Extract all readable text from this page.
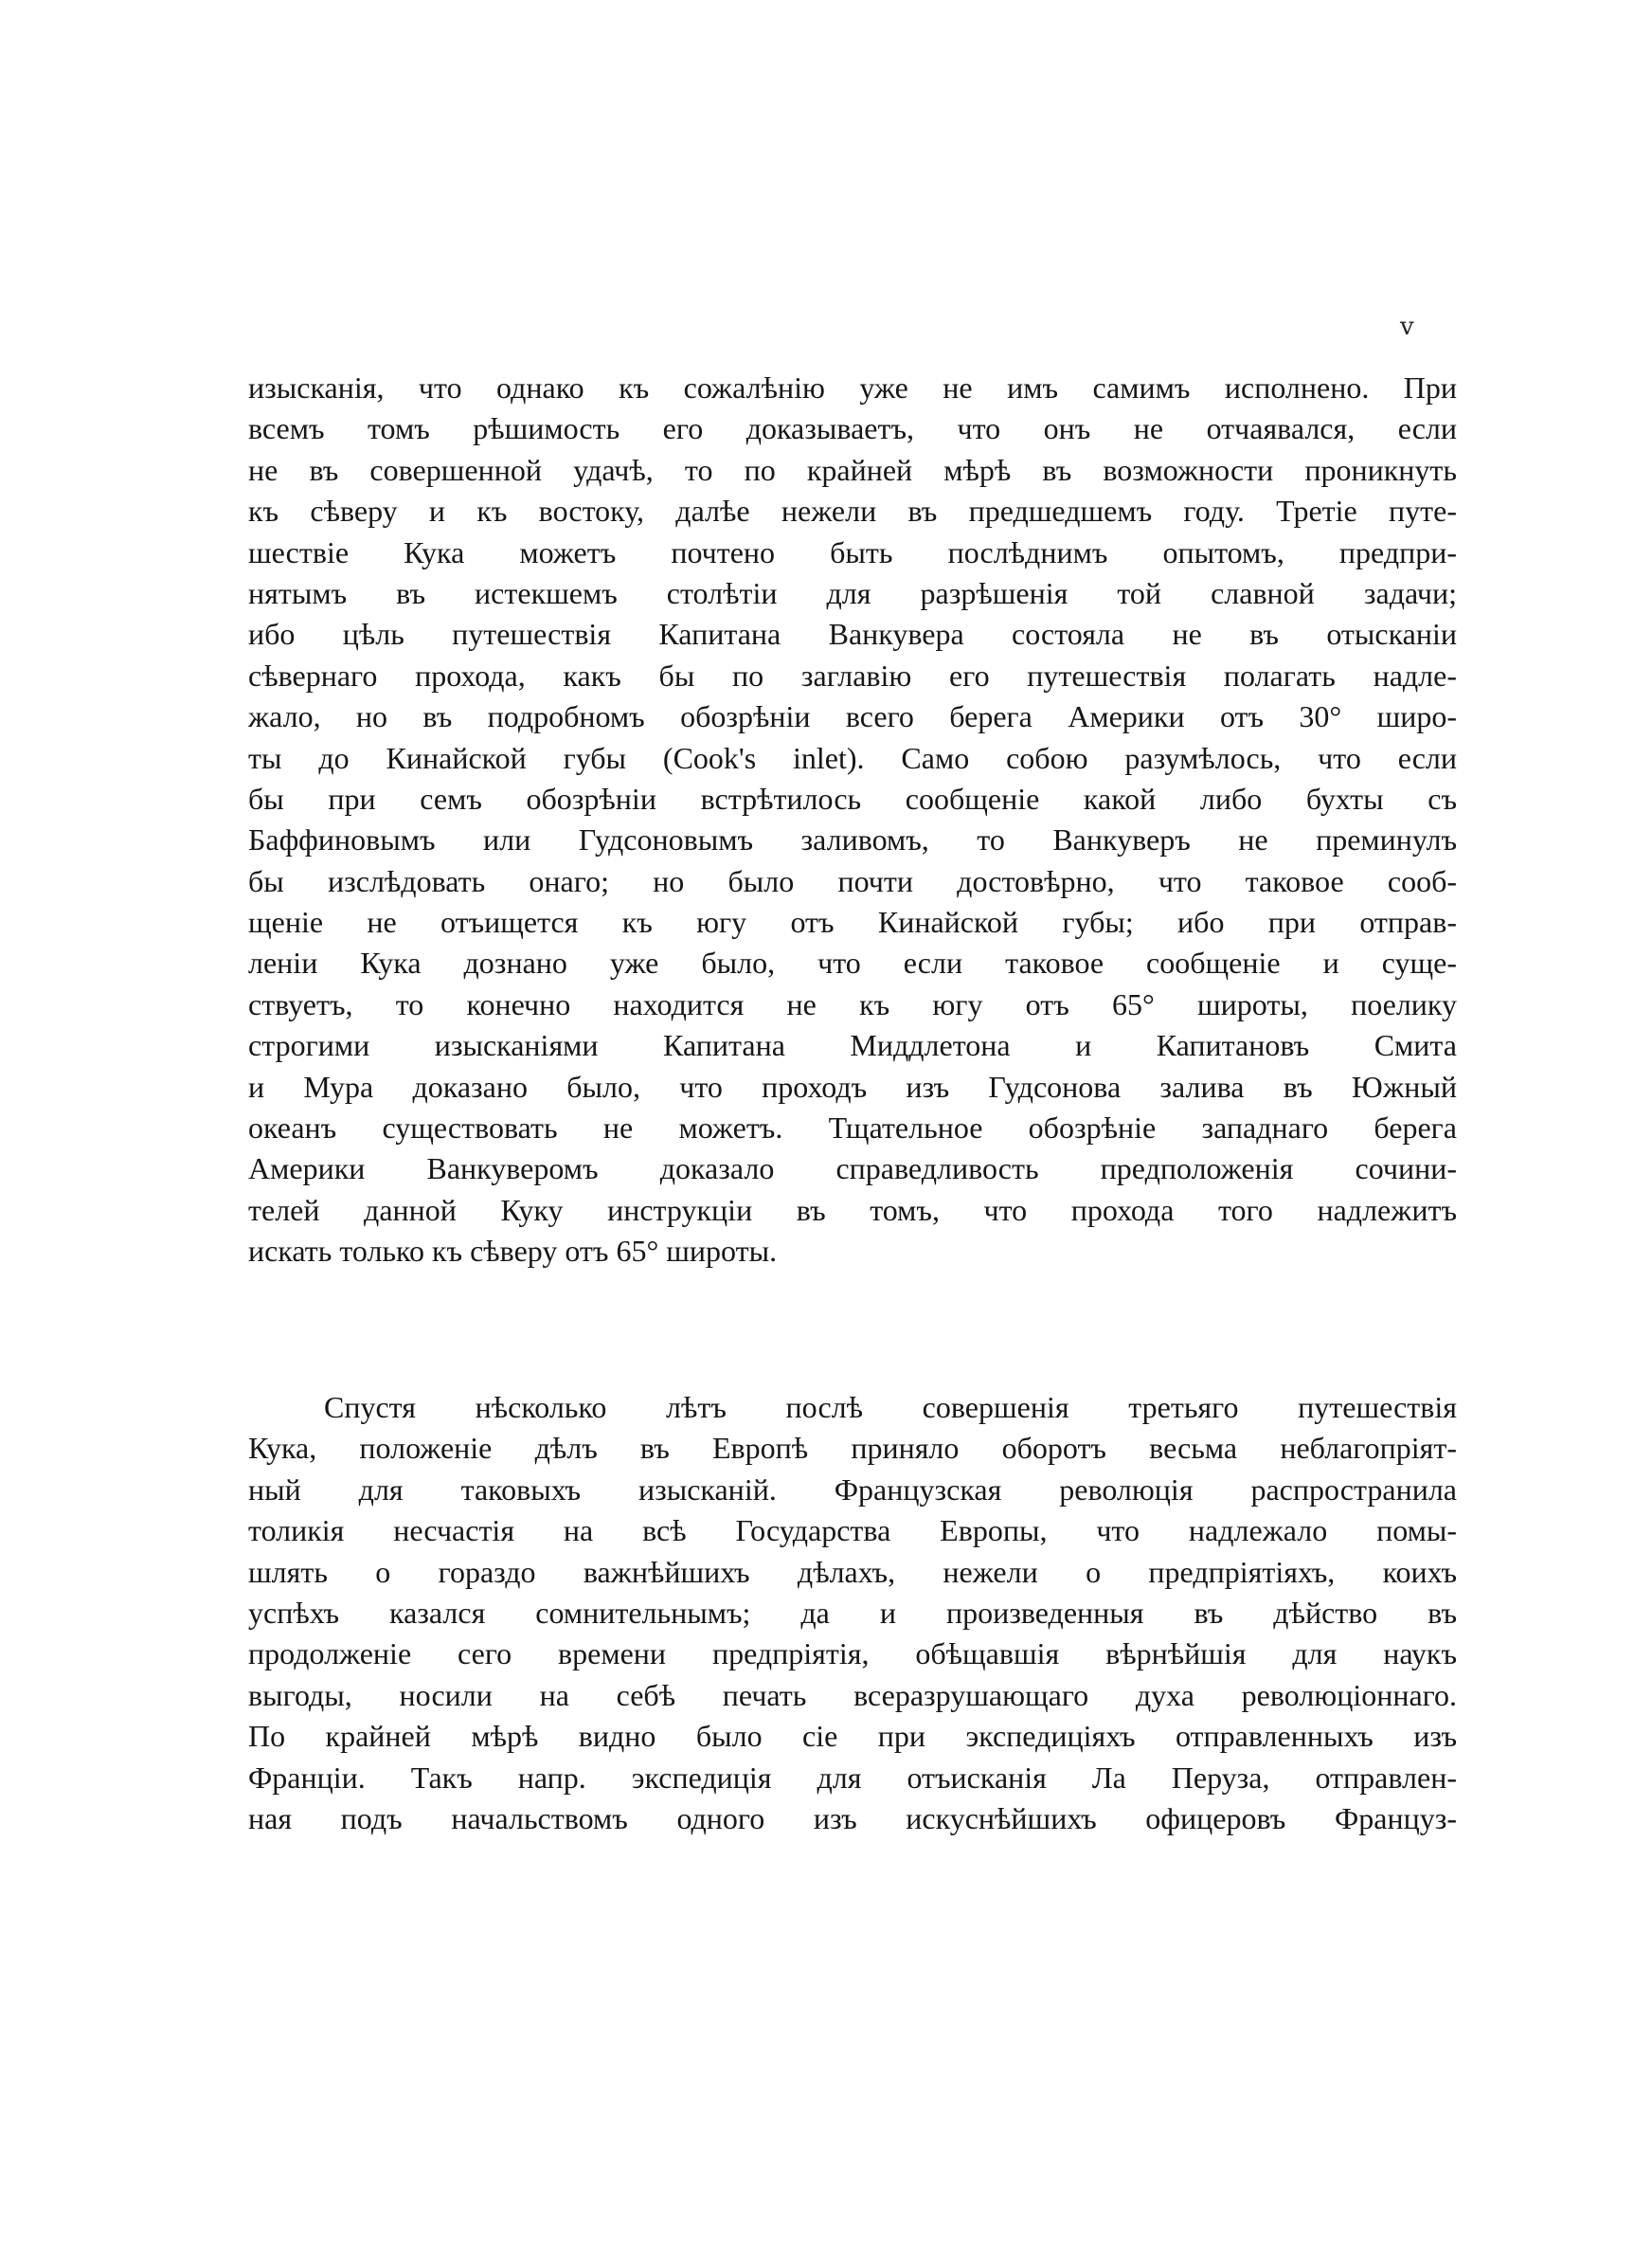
v
изысканія, что однако къ сожалѣнію уже не имъ самимъ исполнено. При
всемъ томъ рѣшимость его доказываетъ, что онъ не отчаявался, если
не въ совершенной удачѣ, то по крайней мѣрѣ въ возможности проникнуть
къ сѣверу и къ востоку, далѣе нежели въ предшедшемъ году. Третіе путе-
шествіе Кука можетъ почтено быть послѣднимъ опытомъ, предпри-
нятымъ въ истекшемъ столѣтіи для разрѣшенія той славной задачи;
ибо цѣль путешествія Капитана Ванкувера состояла не въ отысканіи
сѣвернаго прохода, какъ бы по заглавію его путешествія полагать надле-
жало, но въ подробномъ обозрѣніи всего берега Америки отъ 30° широ-
ты до Кинайской губы (Cook's inlet). Само собою разумѣлось, что если
бы при семъ обозрѣніи встрѣтилось сообщеніе какой либо бухты съ
Баффиновымъ или Гудсоновымъ заливомъ, то Ванкуверъ не преминулъ
бы изслѣдовать онаго; но было почти достовѣрно, что таковое сооб-
щеніе не отъищется къ югу отъ Кинайской губы; ибо при отправ-
леніи Кука дознано уже было, что если таковое сообщеніе и суще-
ствуетъ, то конечно находится не къ югу отъ 65° широты, поелику
строгими изысканіями Капитана Миддлетона и Капитановъ Смита
и Мура доказано было, что проходъ изъ Гудсонова залива въ Южный
океанъ существовать не можетъ. Тщательное обозрѣніе западнаго берега
Америки Ванкуверомъ доказало справедливость предположенія сочини-
телей данной Куку инструкціи въ томъ, что прохода того надлежитъ
искать только къ сѣверу отъ 65° широты.
Спустя нѣсколько лѣтъ послѣ совершенія третьяго путешествія
Кука, положеніе дѣлъ въ Европѣ приняло оборотъ весьма неблагопріят-
ный для таковыхъ изысканій. Французская революція распространила
толикія несчастія на всѣ Государства Европы, что надлежало помы-
шлять о гораздо важнѣйшихъ дѣлахъ, нежели о предпріятіяхъ, коихъ
успѣхъ казался сомнительнымъ; да и произведенныя въ дѣйство въ
продолженіе сего времени предпріятія, обѣщавшія вѣрнѣйшія для наукъ
выгоды, носили на себѣ печать всеразрушающаго духа революціоннаго.
По крайней мѣрѣ видно было сіе при экспедиціяхъ отправленныхъ изъ
Франціи. Такъ напр. экспедиція для отъисканія Ла Перуза, отправлен-
ная подъ начальствомъ одного изъ искуснѣйшихъ офицеровъ Француз-
